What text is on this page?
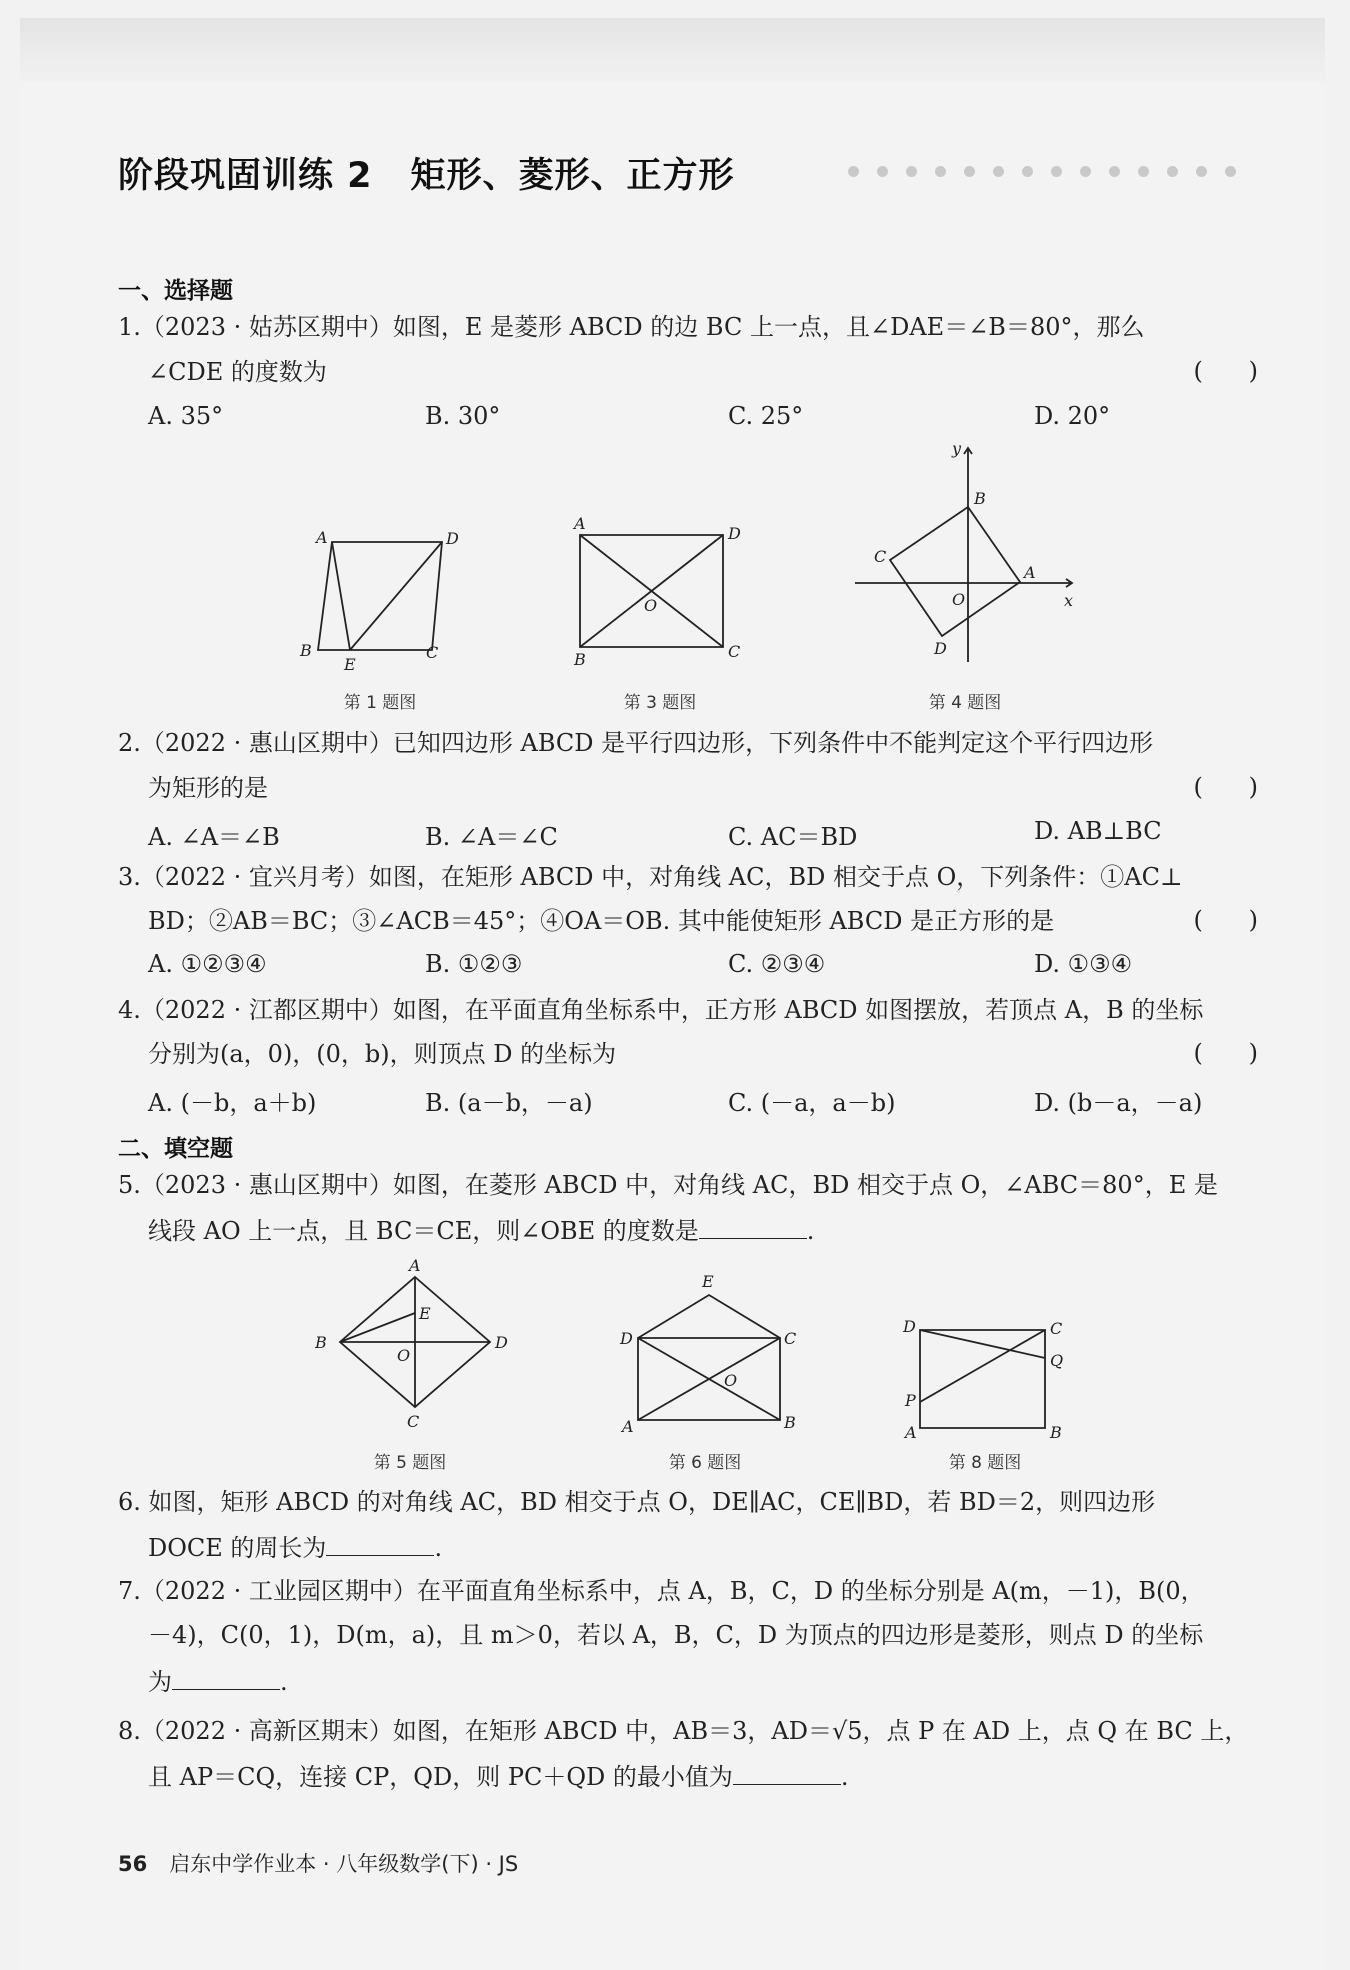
阶段巩固训练 2 矩形、菱形、正方形
一、选择题
1.（2023 · 姑苏区期中）如图，E 是菱形 ABCD 的边 BC 上一点，且∠DAE＝∠B＝80°，那么
∠CDE 的度数为	(      )
A. 35°	B. 30°	C. 25°	D. 20°
A	D
B
E
C
第 1 题图
A
D
O
B	C
第 3 题图
y
B
C
A
O	x
D
第 4 题图
2.（2022 · 惠山区期中）已知四边形 ABCD 是平行四边形，下列条件中不能判定这个平行四边形
为矩形的是	(      )
A. ∠A＝∠B	B. ∠A＝∠C	C. AC＝BD	D. AB⊥BC
3.（2022 · 宜兴月考）如图，在矩形 ABCD 中，对角线 AC，BD 相交于点 O，下列条件：①AC⊥
BD；②AB＝BC；③∠ACB＝45°；④OA＝OB. 其中能使矩形 ABCD 是正方形的是	(      )
A. ①②③④	B. ①②③	C. ②③④	D. ①③④
4.（2022 · 江都区期中）如图，在平面直角坐标系中，正方形 ABCD 如图摆放，若顶点 A，B 的坐标
分别为(a，0)，(0，b)，则顶点 D 的坐标为	(      )
A. (－b，a＋b)	B. (a－b，－a)	C. (－a，a－b)	D. (b－a，－a)
二、填空题
5.（2023 · 惠山区期中）如图，在菱形 ABCD 中，对角线 AC，BD 相交于点 O，∠ABC＝80°，E 是
线段 AO 上一点，且 BC＝CE，则∠OBE 的度数是	.
A
E
B
O
D
C
第 5 题图
E
D	C
O
A	B
第 6 题图
D	C
Q
P
A	B
第 8 题图
6. 如图，矩形 ABCD 的对角线 AC，BD 相交于点 O，DE∥AC，CE∥BD，若 BD＝2，则四边形
DOCE 的周长为	.
7.（2022 · 工业园区期中）在平面直角坐标系中，点 A，B，C，D 的坐标分别是 A(m，－1)，B(0，
－4)，C(0，1)，D(m，a)，且 m＞0，若以 A，B，C，D 为顶点的四边形是菱形，则点 D 的坐标
为	.
8.（2022 · 高新区期末）如图，在矩形 ABCD 中，AB＝3，AD＝√5，点 P 在 AD 上，点 Q 在 BC 上，
且 AP＝CQ，连接 CP，QD，则 PC＋QD 的最小值为	.
56 启东中学作业本 · 八年级数学(下) · JS
